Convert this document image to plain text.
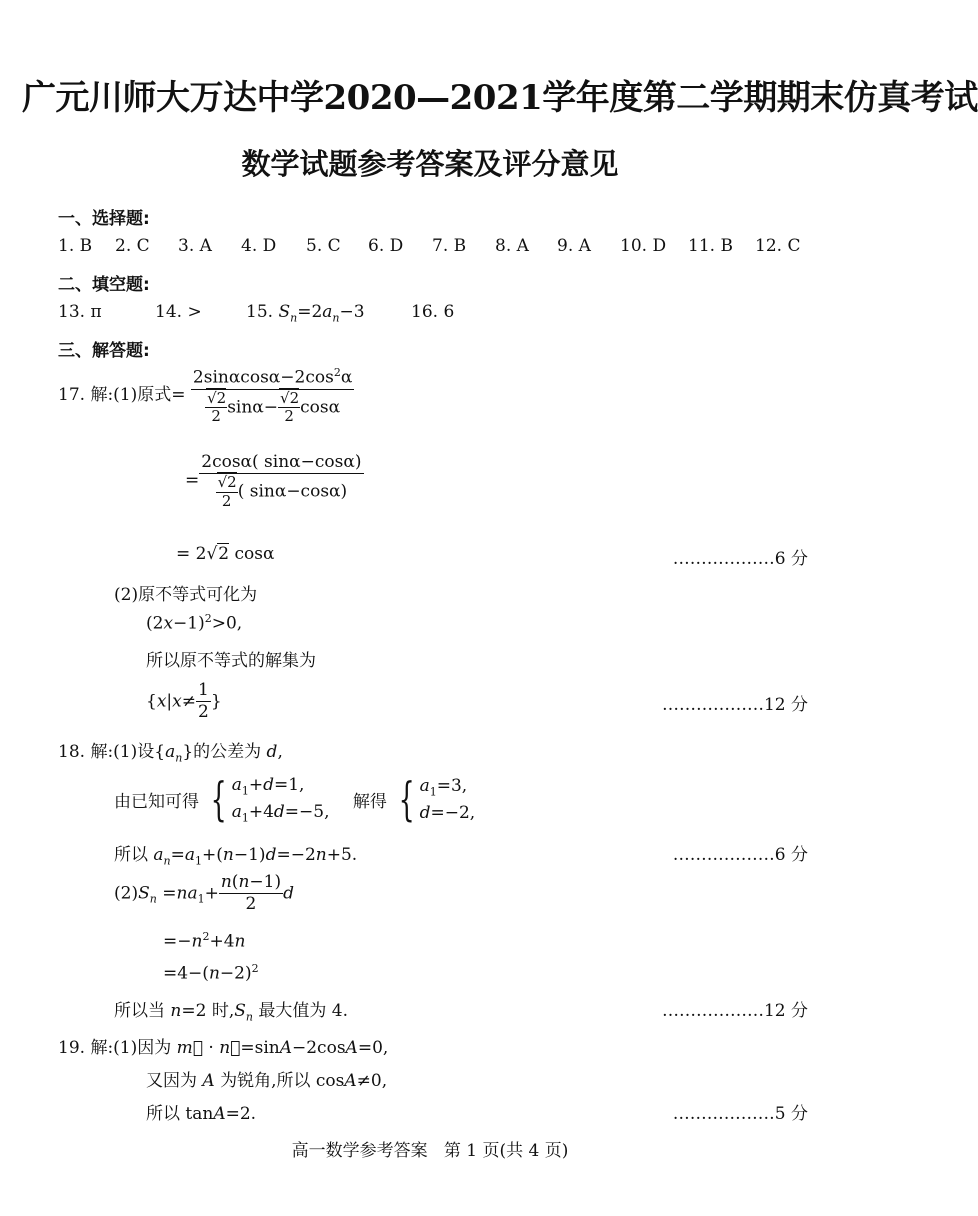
广元川师大万达中学2020—2021学年度第二学期期末仿真考试
数学试题参考答案及评分意见
一、选择题:
1. B 2. C 3. A 4. D 5. C 6. D 7. B 8. A 9. A 10. D 11. B 12. C
二、填空题:
13. π	14. >	15. $S_n=2a_n-3$	16. 6
三、解答题:
17. 解:(1)原式= $\frac{2\sin\alpha\cos\alpha-2\cos^2\alpha}{\frac{√2}{2} \sin\alpha- \frac{√2}{2} \cos\alpha}$
= $\frac{2\cos\alpha( \sin\alpha-\cos\alpha)}{\frac{√2}{2} ( \sin\alpha-\cos\alpha)}$
= 2√2 cosα	………………6 分
(2)原不等式可化为
$(2x-1)^2>0$,
所以原不等式的解集为
{$x|x\ne \frac{1}{2}$ }	………………12 分
18. 解:(1)设$\{a_n\}$的公差为 d,
由已知可得 { $a_1+d=1$,
$a_1+4d=-5$,
解得 { $a_1=3$,
d=−2,
所以 $a_n=a_1+(n-1)d=-2n+5$.	………………6 分
$(2)S_n =na_1+ \frac{n(n-1)}{2}$ d
$=-n^2+4n$
$=4-(n-2)^2$
所以当 n=2 时$,S_n$ 最大值为 4.	………………12 分
19. 解:(1)因为 m⃗ · n⃗=sinA−2cosA=0,
又因为 A 为锐角,所以 cosA≠0,
所以 tanA=2.	………………5 分
高一数学参考答案   第 1 页(共 4 页)
